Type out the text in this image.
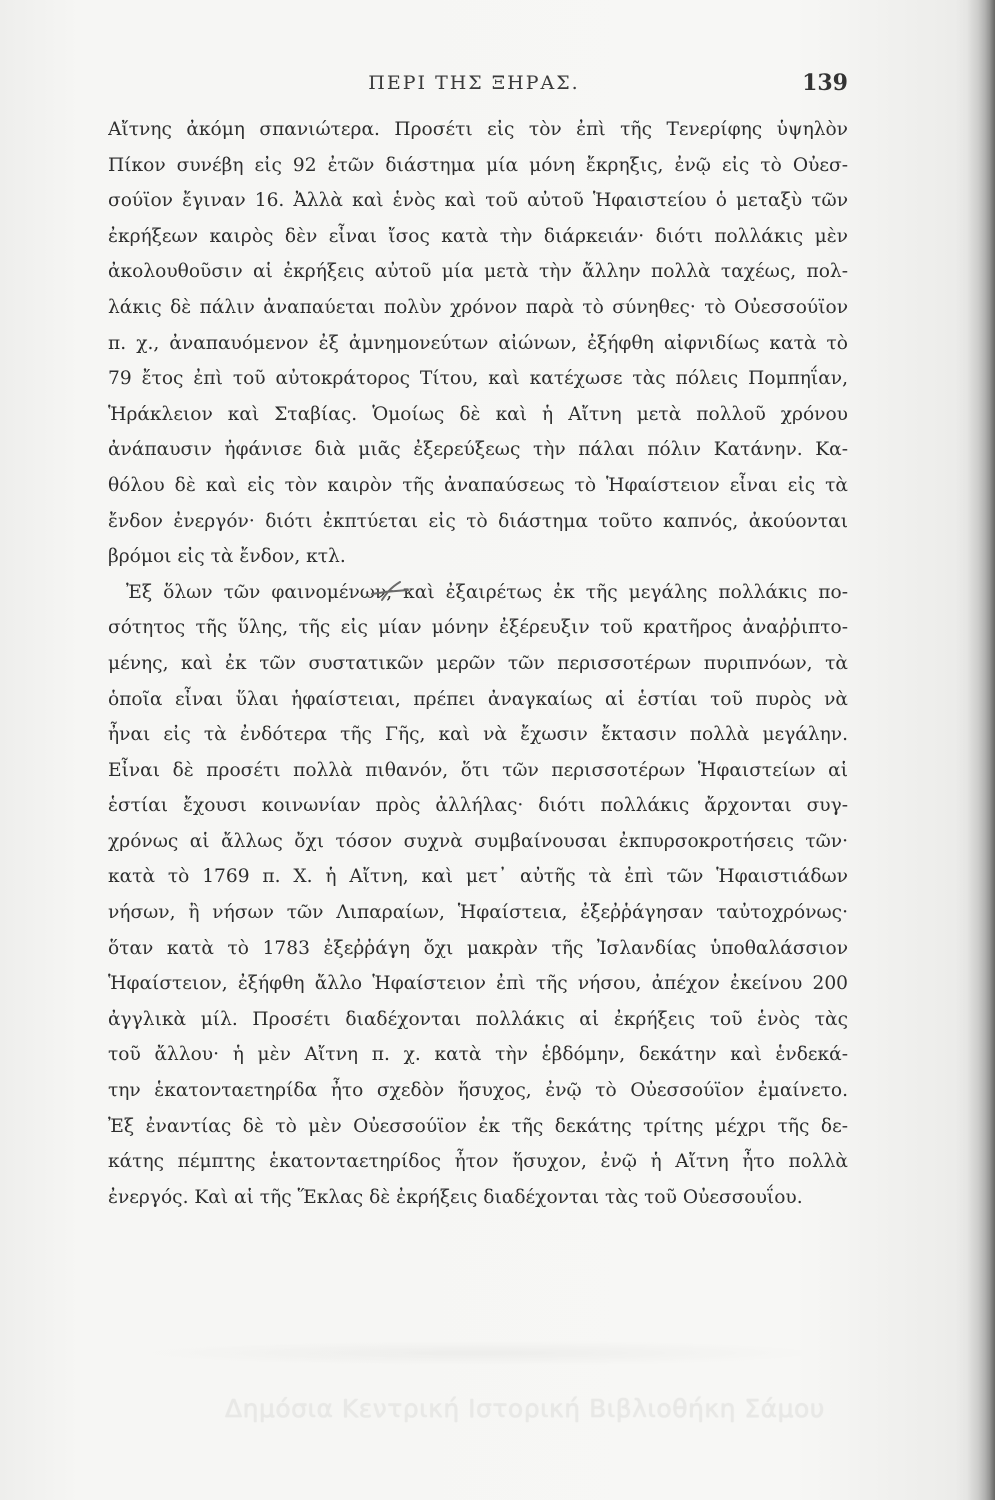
ΠΕΡΙ ΤΗΣ ΞΗΡΑΣ.	139
Αἴτνης ἀκόμη σπανιώτερα. Προσέτι εἰς τὸν ἐπὶ τῆς Τενερίφης ὑψηλὸν
Πίκον συνέβη εἰς 92 ἐτῶν διάστημα μία μόνη ἔκρηξις, ἐνῷ εἰς τὸ Οὐεσ-
σούϊον ἔγιναν 16. Ἀλλὰ καὶ ἑνὸς καὶ τοῦ αὐτοῦ Ἡφαιστείου ὁ μεταξὺ τῶν
ἐκρήξεων καιρὸς δὲν εἶναι ἴσος κατὰ τὴν διάρκειάν· διότι πολλάκις μὲν
ἀκολουθοῦσιν αἱ ἐκρήξεις αὐτοῦ μία μετὰ τὴν ἄλλην πολλὰ ταχέως, πολ-
λάκις δὲ πάλιν ἀναπαύεται πολὺν χρόνον παρὰ τὸ σύνηθες· τὸ Οὐεσσούϊον
π. χ., ἀναπαυόμενον ἐξ ἀμνημονεύτων αἰώνων, ἐξήφθη αἰφνιδίως κατὰ τὸ
79 ἔτος ἐπὶ τοῦ αὐτοκράτορος Τίτου, καὶ κατέχωσε τὰς πόλεις Πομπηΐαν,
Ἡράκλειον καὶ Σταβίας. Ὁμοίως δὲ καὶ ἡ Αἴτνη μετὰ πολλοῦ χρόνου
ἀνάπαυσιν ἠφάνισε διὰ μιᾶς ἐξερεύξεως τὴν πάλαι πόλιν Κατάνην. Κα-
θόλου δὲ καὶ εἰς τὸν καιρὸν τῆς ἀναπαύσεως τὸ Ἡφαίστειον εἶναι εἰς τὰ
ἔνδον ἐνεργόν· διότι ἐκπτύεται εἰς τὸ διάστημα τοῦτο καπνός, ἀκούονται
βρόμοι εἰς τὰ ἔνδον, κτλ.
Ἐξ ὅλων τῶν φαινομένων, καὶ ἐξαιρέτως ἐκ τῆς μεγάλης πολλάκις πο-
σότητος τῆς ὕλης, τῆς εἰς μίαν μόνην ἐξέρευξιν τοῦ κρατῆρος ἀναῤῥιπτο-
μένης, καὶ ἐκ τῶν συστατικῶν μερῶν τῶν περισσοτέρων πυριπνόων, τὰ
ὁποῖα εἶναι ὕλαι ἡφαίστειαι, πρέπει ἀναγκαίως αἱ ἑστίαι τοῦ πυρὸς νὰ
ἦναι εἰς τὰ ἐνδότερα τῆς Γῆς, καὶ νὰ ἔχωσιν ἔκτασιν πολλὰ μεγάλην.
Εἶναι δὲ προσέτι πολλὰ πιθανόν, ὅτι τῶν περισσοτέρων Ἡφαιστείων αἱ
ἑστίαι ἔχουσι κοινωνίαν πρὸς ἀλλήλας· διότι πολλάκις ἄρχονται συγ-
χρόνως αἱ ἄλλως ὄχι τόσον συχνὰ συμβαίνουσαι ἐκπυρσοκροτήσεις τῶν·
κατὰ τὸ 1769 π. Χ. ἡ Αἴτνη, καὶ μετ᾽ αὐτῆς τὰ ἐπὶ τῶν Ἡφαιστιάδων
νήσων, ἢ νήσων τῶν Λιπαραίων, Ἡφαίστεια, ἐξεῤῥάγησαν ταὐτοχρόνως·
ὅταν κατὰ τὸ 1783 ἐξεῤῥάγη ὄχι μακρὰν τῆς Ἰσλανδίας ὑποθαλάσσιον
Ἡφαίστειον, ἐξήφθη ἄλλο Ἡφαίστειον ἐπὶ τῆς νήσου, ἀπέχον ἐκείνου 200
ἀγγλικὰ μίλ. Προσέτι διαδέχονται πολλάκις αἱ ἐκρήξεις τοῦ ἑνὸς τὰς
τοῦ ἄλλου· ἡ μὲν Αἴτνη π. χ. κατὰ τὴν ἑβδόμην, δεκάτην καὶ ἑνδεκά-
την ἑκατονταετηρίδα ἦτο σχεδὸν ἥσυχος, ἐνῷ τὸ Οὐεσσούϊον ἐμαίνετο.
Ἐξ ἐναντίας δὲ τὸ μὲν Οὐεσσούϊον ἐκ τῆς δεκάτης τρίτης μέχρι τῆς δε-
κάτης πέμπτης ἑκατονταετηρίδος ἦτον ἥσυχον, ἐνῷ ἡ Αἴτνη ἦτο πολλὰ
ἐνεργός. Καὶ αἱ τῆς Ἕκλας δὲ ἐκρήξεις διαδέχονται τὰς τοῦ Οὐεσσουΐου.
Δημόσια Κεντρική Ιστορική Βιβλιοθήκη Σάμου
